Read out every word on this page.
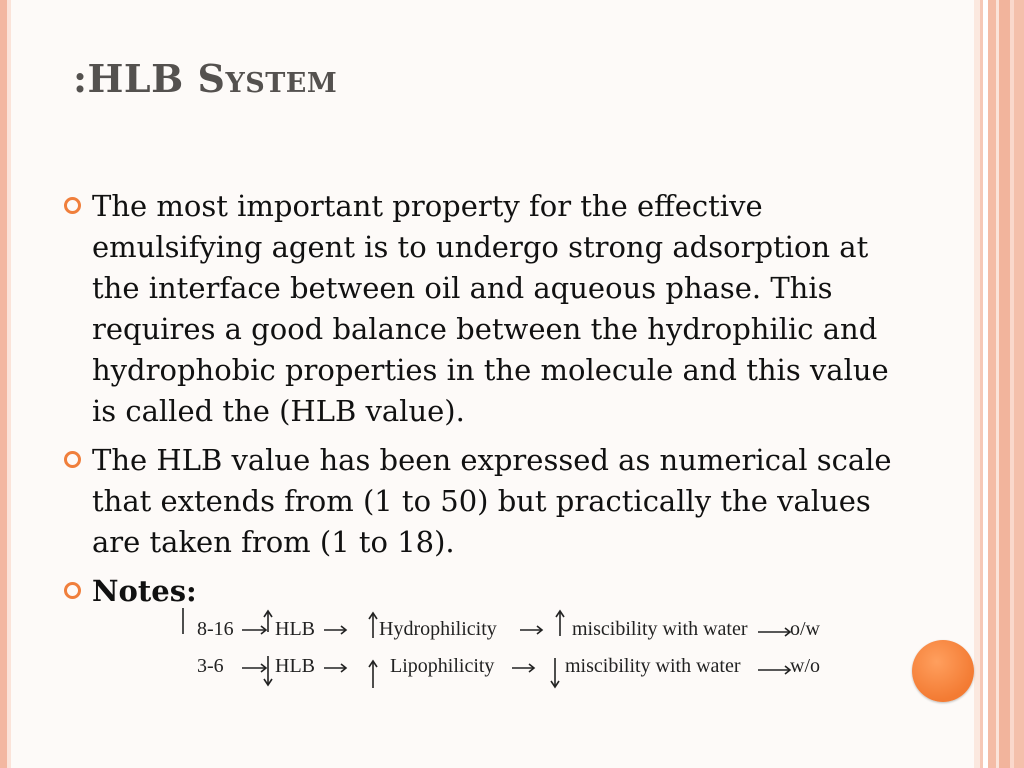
:HLB System
The most important property for the effective emulsifying agent is to undergo strong adsorption at the interface between oil and aqueous phase. This requires a good balance between the hydrophilic and hydrophobic properties in the molecule and this value is called the (HLB value).
The HLB value has been expressed as numerical scale that extends from (1 to 50) but practically the values are taken from (1 to 18).
Notes:
8-16 HLB	Hydrophilicity	miscibility with water o/w
3-6	HLB	Lipophilicity	miscibility with water w/o
